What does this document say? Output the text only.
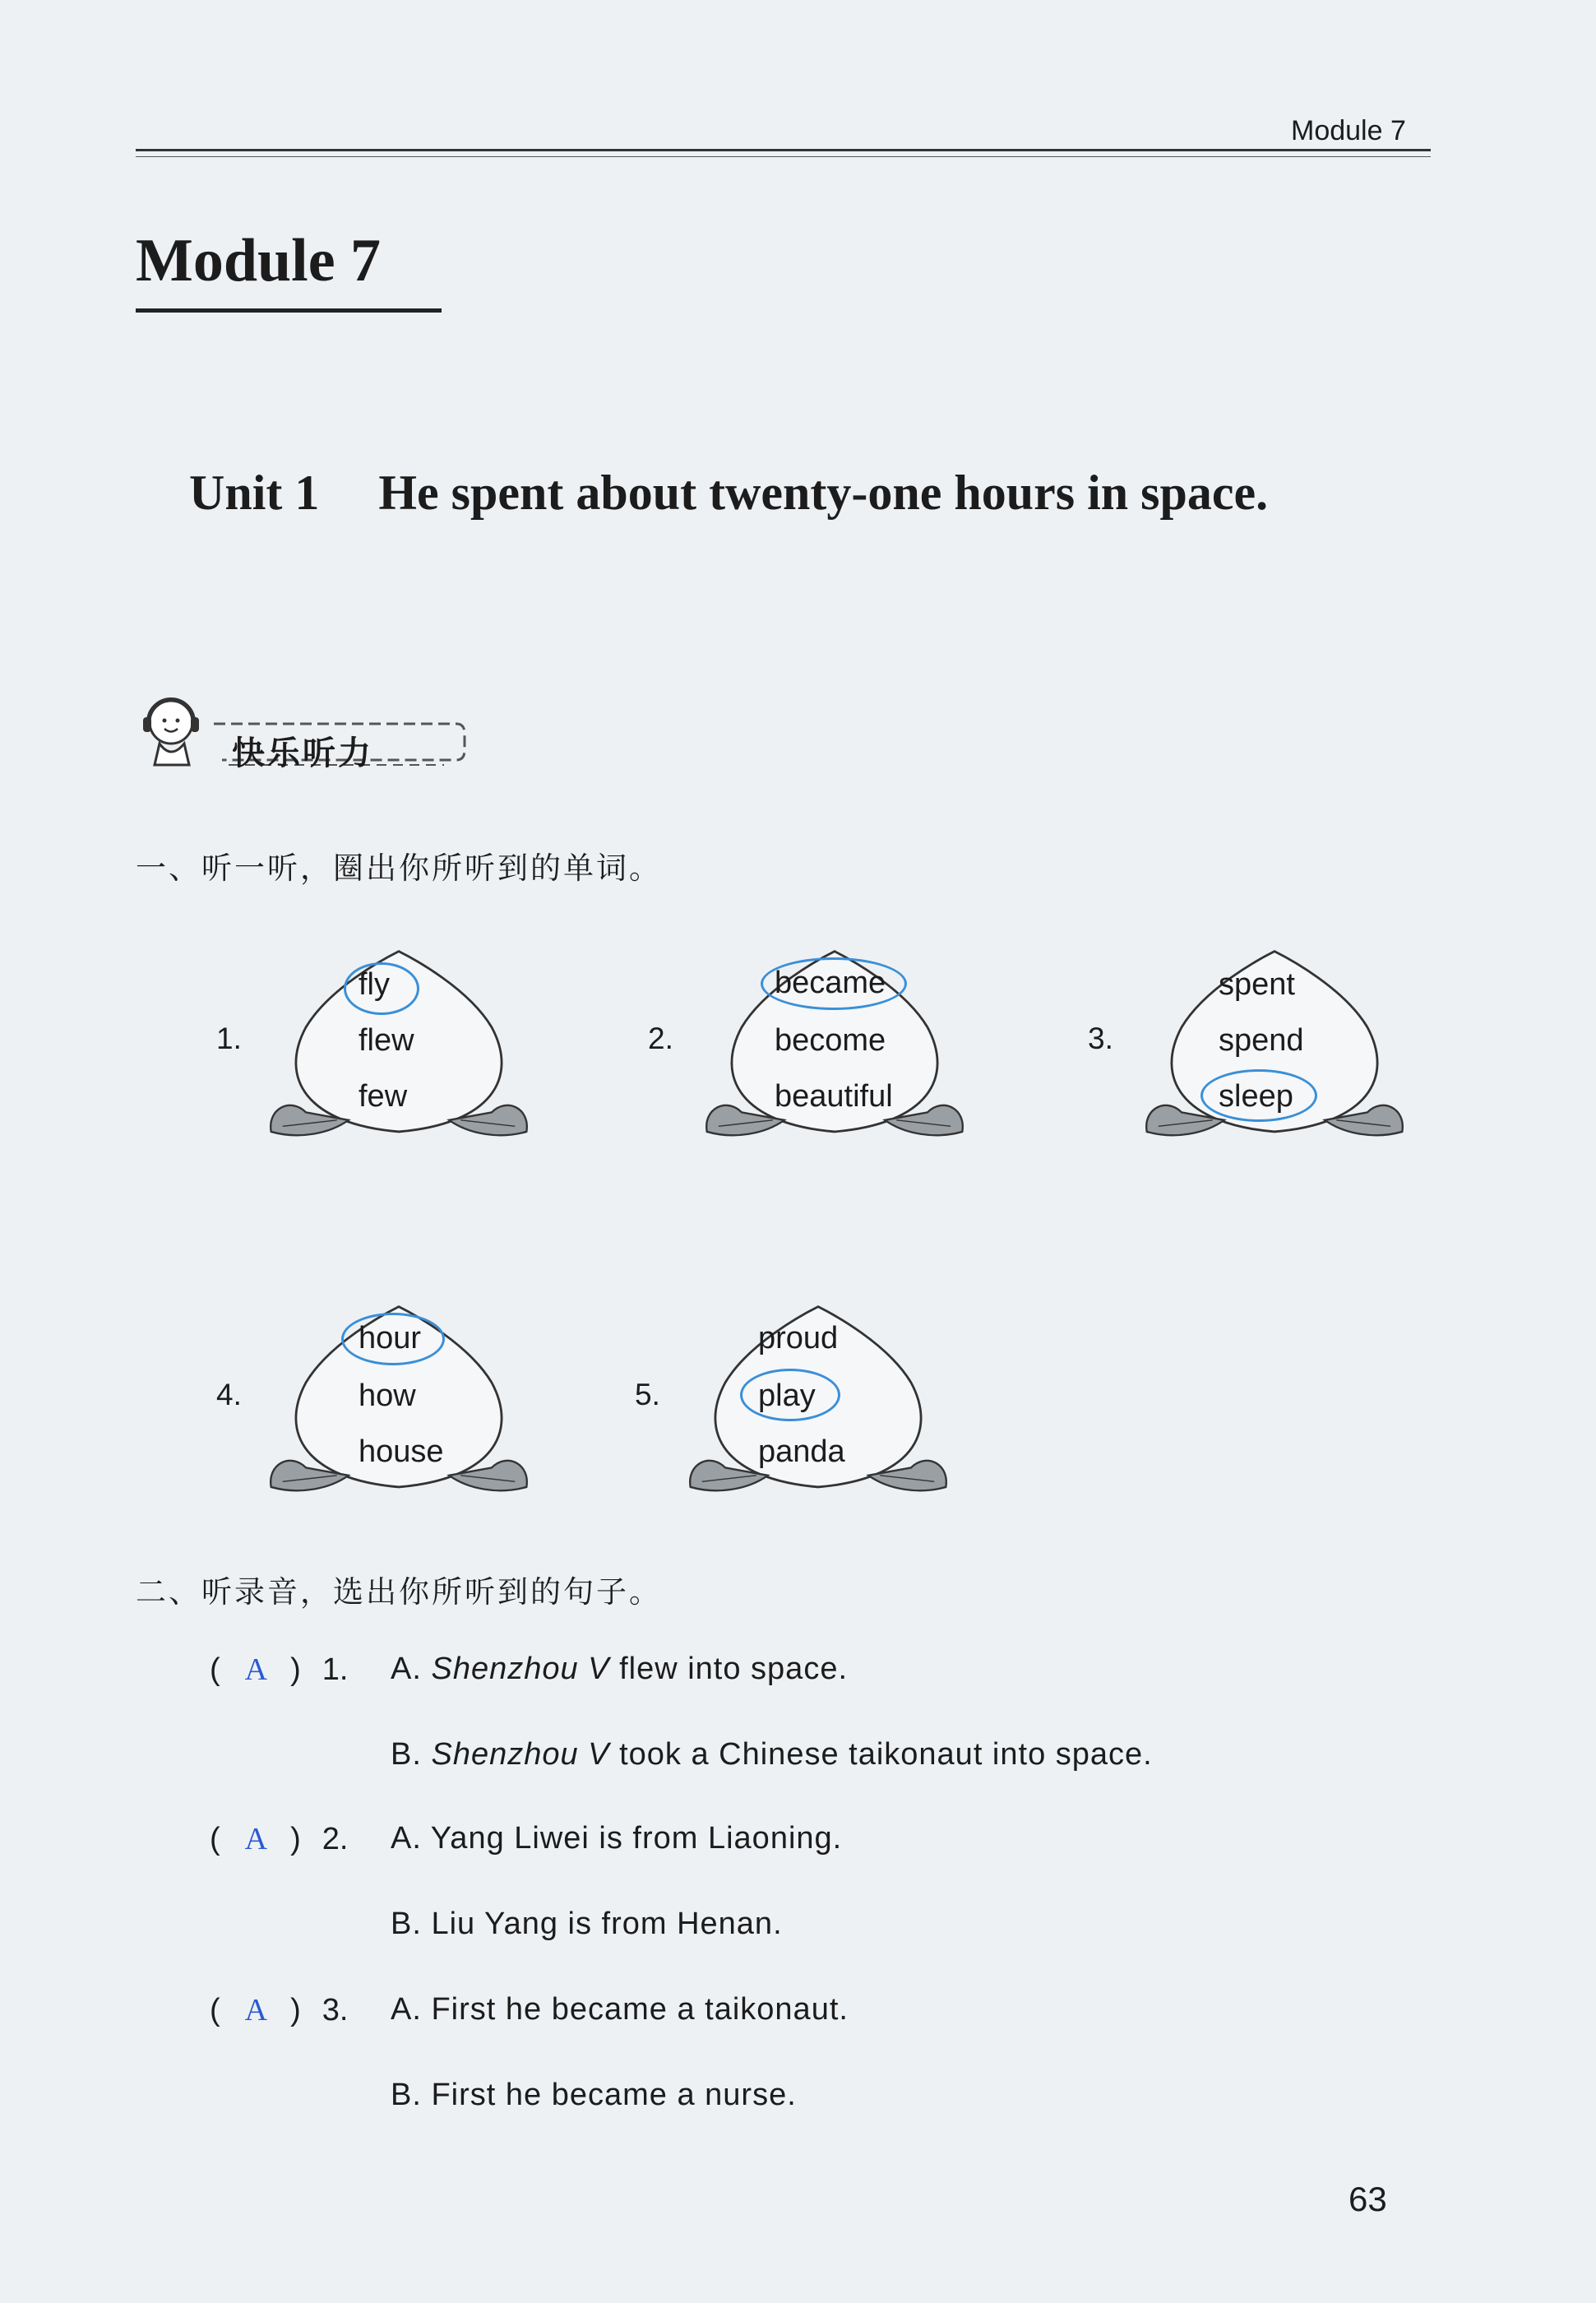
Module 7
Module 7
Unit 1 He spent about twenty-one hours in space.
快乐听力
一、听一听，圈出你所听到的单词。
1.
fly
flew
few
2.
became
become
beautiful
3.
spent
spend
sleep
4.
hour
how
house
5.
proud
play
panda
二、听录音，选出你所听到的句子。
( A ) 1. A. Shenzhou V flew into space.
B. Shenzhou V took a Chinese taikonaut into space.
( A ) 2. A. Yang Liwei is from Liaoning.
B. Liu Yang is from Henan.
( A ) 3. A. First he became a taikonaut.
B. First he became a nurse.
63
